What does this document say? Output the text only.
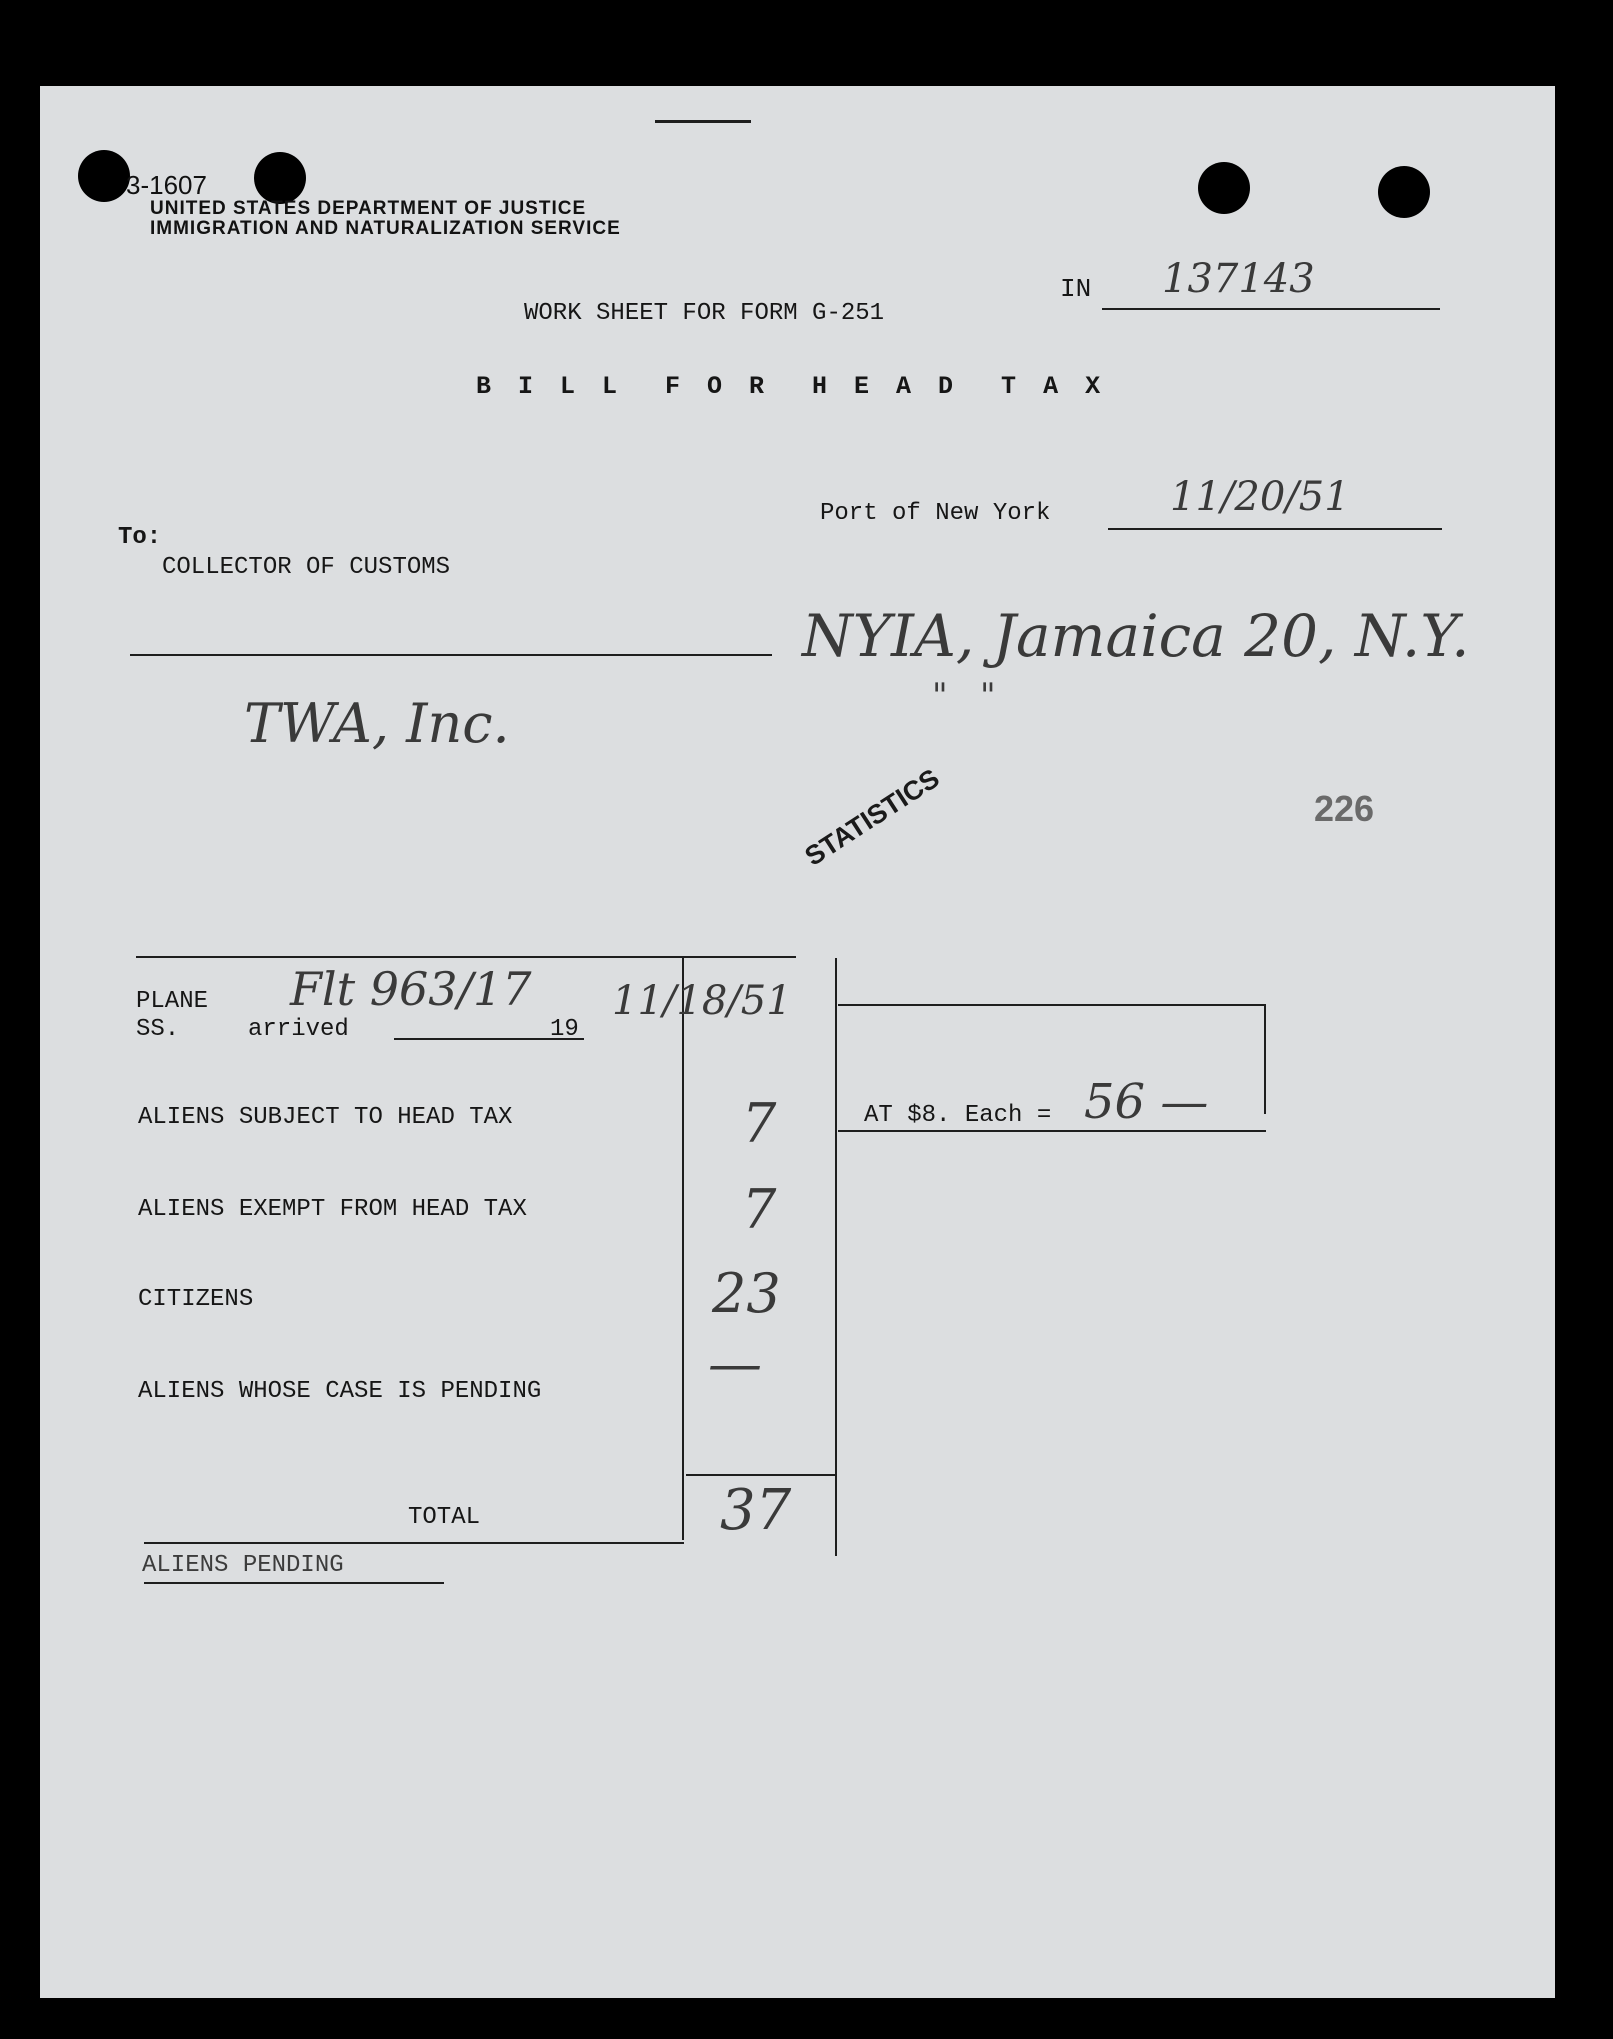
3-1607
UNITED STATES DEPARTMENT OF JUSTICE
IMMIGRATION AND NATURALIZATION SERVICE
IN 137143
WORK SHEET FOR FORM G-251
B I L L  F O R  H E A D  T A X
Port of New York	11/20/51
To:
COLLECTOR OF CUSTOMS
NYIA, Jamaica 20, N.Y.
"   "
TWA, Inc.
226
STATISTICS
PLANE
SS.	arrived
Flt 963/17
19
11/18/51
AT $8. Each = 56 —
ALIENS SUBJECT TO HEAD TAX	7
ALIENS EXEMPT FROM HEAD TAX	7
CITIZENS	23
ALIENS WHOSE CASE IS PENDING	—
TOTAL	37
ALIENS PENDING
